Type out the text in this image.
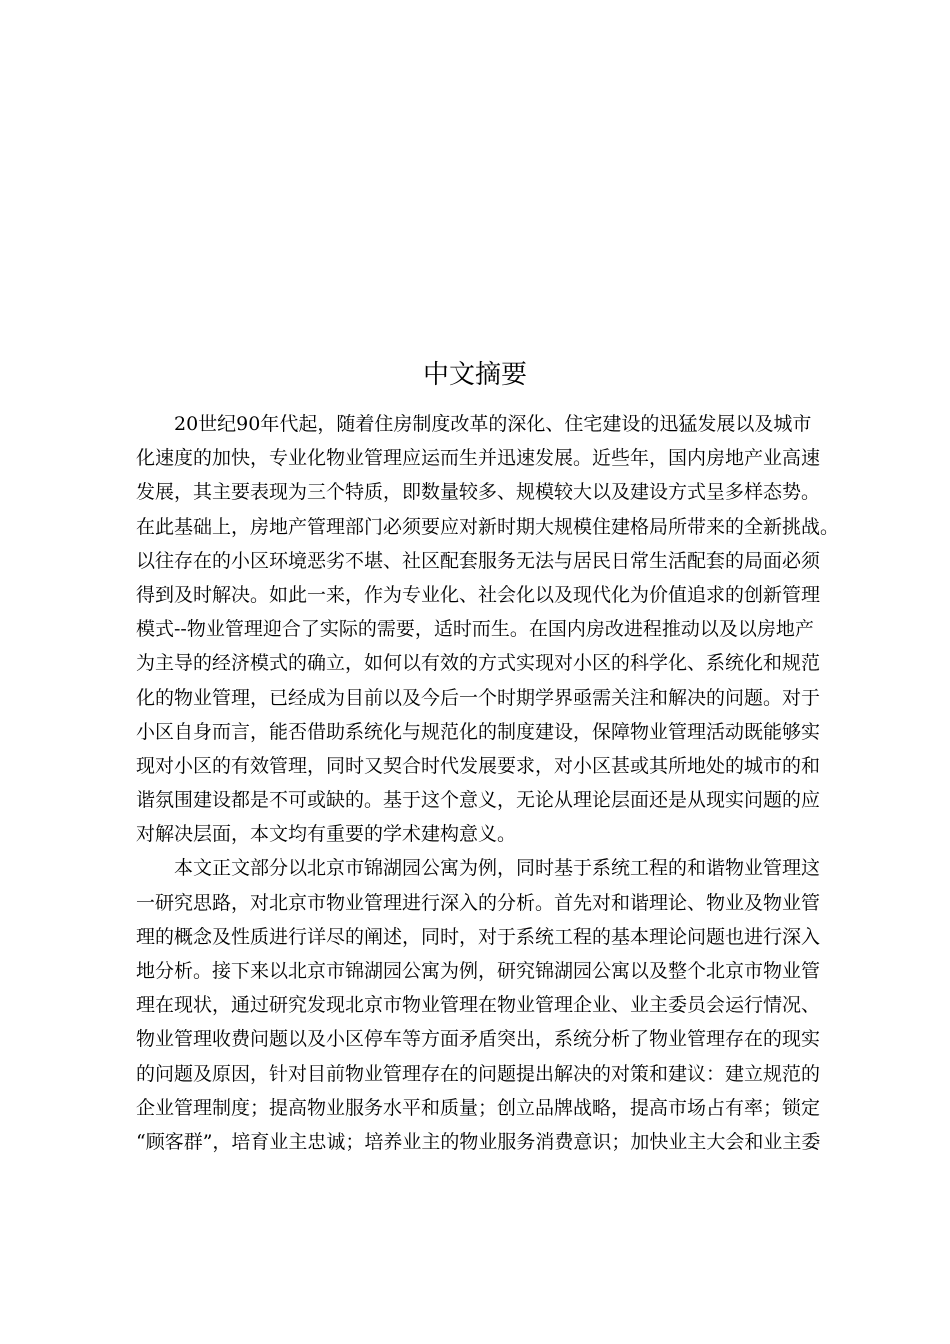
中文摘要

20世纪90年代起，随着住房制度改革的深化、住宅建设的迅猛发展以及城市
化速度的加快，专业化物业管理应运而生并迅速发展。近些年，国内房地产业高速
发展，其主要表现为三个特质，即数量较多、规模较大以及建设方式呈多样态势。
在此基础上，房地产管理部门必须要应对新时期大规模住建格局所带来的全新挑战。
以往存在的小区环境恶劣不堪、社区配套服务无法与居民日常生活配套的局面必须
得到及时解决。如此一来，作为专业化、社会化以及现代化为价值追求的创新管理
模式--物业管理迎合了实际的需要，适时而生。在国内房改进程推动以及以房地产
为主导的经济模式的确立，如何以有效的方式实现对小区的科学化、系统化和规范
化的物业管理，已经成为目前以及今后一个时期学界亟需关注和解决的问题。对于
小区自身而言，能否借助系统化与规范化的制度建设，保障物业管理活动既能够实
现对小区的有效管理，同时又契合时代发展要求，对小区甚或其所地处的城市的和
谐氛围建设都是不可或缺的。基于这个意义，无论从理论层面还是从现实问题的应
对解决层面，本文均有重要的学术建构意义。

本文正文部分以北京市锦湖园公寓为例，同时基于系统工程的和谐物业管理这
一研究思路，对北京市物业管理进行深入的分析。首先对和谐理论、物业及物业管
理的概念及性质进行详尽的阐述，同时，对于系统工程的基本理论问题也进行深入
地分析。接下来以北京市锦湖园公寓为例，研究锦湖园公寓以及整个北京市物业管
理在现状，通过研究发现北京市物业管理在物业管理企业、业主委员会运行情况、
物业管理收费问题以及小区停车等方面矛盾突出，系统分析了物业管理存在的现实
的问题及原因，针对目前物业管理存在的问题提出解决的对策和建议：建立规范的
企业管理制度；提高物业服务水平和质量；创立品牌战略，提高市场占有率；锁定
“顾客群”，培育业主忠诚；培养业主的物业服务消费意识；加快业主大会和业主委
